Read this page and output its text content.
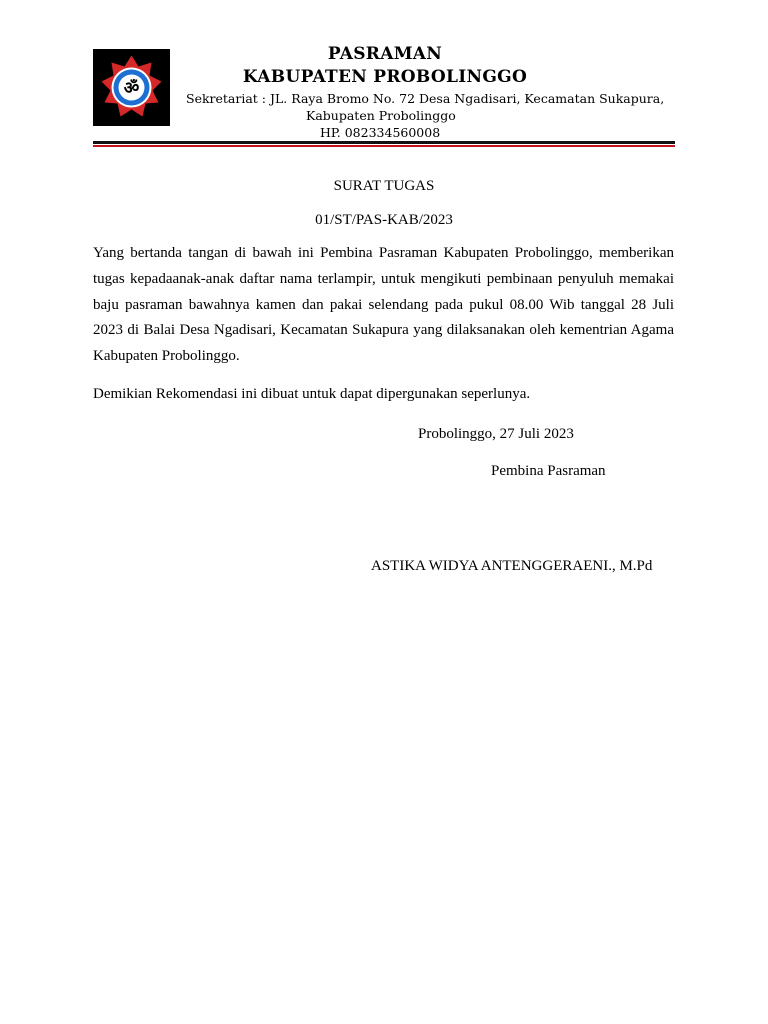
ॐ
PASRAMAN
KABUPATEN PROBOLINGGO
Sekretariat : JL. Raya Bromo No. 72 Desa Ngadisari, Kecamatan Sukapura,
Kabupaten Probolinggo
HP. 082334560008
SURAT TUGAS
01/ST/PAS-KAB/2023
Yang bertanda tangan di bawah ini Pembina Pasraman Kabupaten Probolinggo, memberikan tugas kepadaanak-anak daftar nama terlampir, untuk mengikuti pembinaan penyuluh memakai baju pasraman bawahnya kamen dan pakai selendang pada pukul 08.00 Wib tanggal 28 Juli 2023 di Balai Desa Ngadisari, Kecamatan Sukapura yang dilaksanakan oleh kementrian Agama Kabupaten Probolinggo.
Demikian Rekomendasi ini dibuat untuk dapat dipergunakan seperlunya.
Probolinggo, 27 Juli 2023
Pembina Pasraman
ASTIKA WIDYA ANTENGGERAENI., M.Pd
